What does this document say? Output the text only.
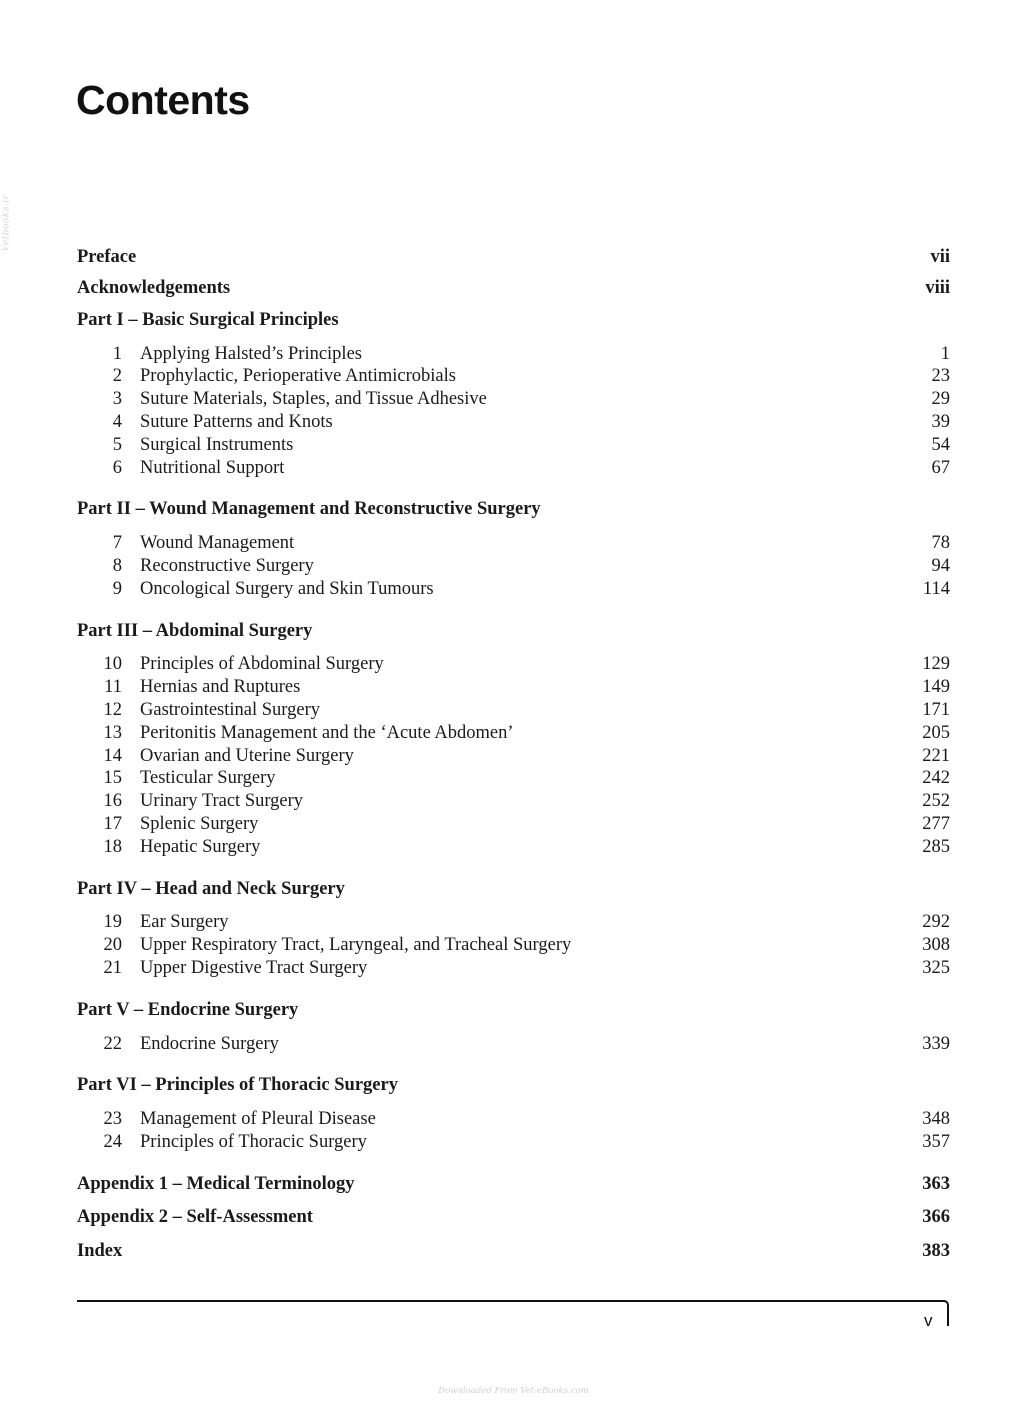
Vetbooks.ir
Contents
Preface	vii
Acknowledgements	viii
Part I – Basic Surgical Principles
1 Applying Halsted’s Principles	1
2 Prophylactic, Perioperative Antimicrobials	23
3 Suture Materials, Staples, and Tissue Adhesive	29
4 Suture Patterns and Knots	39
5 Surgical Instruments	54
6 Nutritional Support	67
Part II – Wound Management and Reconstructive Surgery
7 Wound Management	78
8 Reconstructive Surgery	94
9 Oncological Surgery and Skin Tumours	114
Part III – Abdominal Surgery
10 Principles of Abdominal Surgery	129
11 Hernias and Ruptures	149
12 Gastrointestinal Surgery	171
13 Peritonitis Management and the ‘Acute Abdomen’	205
14 Ovarian and Uterine Surgery	221
15 Testicular Surgery	242
16 Urinary Tract Surgery	252
17 Splenic Surgery	277
18 Hepatic Surgery	285
Part IV – Head and Neck Surgery
19 Ear Surgery	292
20 Upper Respiratory Tract, Laryngeal, and Tracheal Surgery	308
21 Upper Digestive Tract Surgery	325
Part V – Endocrine Surgery
22 Endocrine Surgery	339
Part VI – Principles of Thoracic Surgery
23 Management of Pleural Disease	348
24 Principles of Thoracic Surgery	357
Appendix 1 – Medical Terminology	363
Appendix 2 – Self-Assessment	366
Index	383
v
Downloaded From Vet-eBooks.com
